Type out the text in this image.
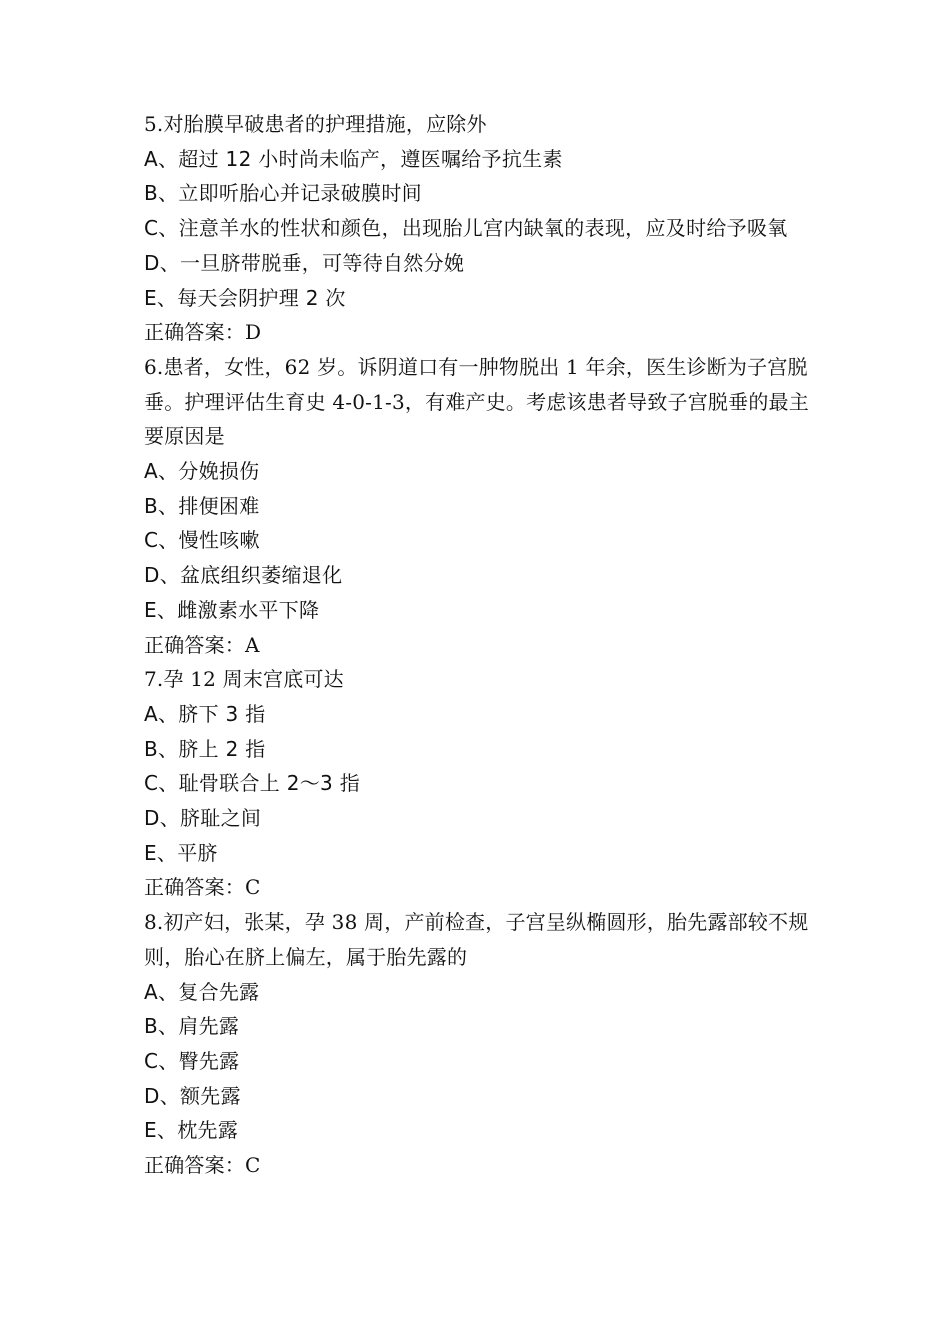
5.对胎膜早破患者的护理措施，应除外

A、超过 12 小时尚未临产，遵医嘱给予抗生素

B、立即听胎心并记录破膜时间

C、注意羊水的性状和颜色，出现胎儿宫内缺氧的表现，应及时给予吸氧

D、一旦脐带脱垂，可等待自然分娩

E、每天会阴护理 2 次

正确答案：D

6.患者，女性，62 岁。诉阴道口有一肿物脱出 1 年余，医生诊断为子宫脱垂。护理评估生育史 4-0-1-3，有难产史。考虑该患者导致子宫脱垂的最主要原因是

A、分娩损伤

B、排便困难

C、慢性咳嗽

D、盆底组织萎缩退化

E、雌激素水平下降

正确答案：A

7.孕 12 周末宫底可达

A、脐下 3 指

B、脐上 2 指

C、耻骨联合上 2～3 指

D、脐耻之间

E、平脐

正确答案：C

8.初产妇，张某，孕 38 周，产前检查，子宫呈纵椭圆形，胎先露部较不规则，胎心在脐上偏左，属于胎先露的

A、复合先露

B、肩先露

C、臀先露

D、额先露

E、枕先露

正确答案：C
